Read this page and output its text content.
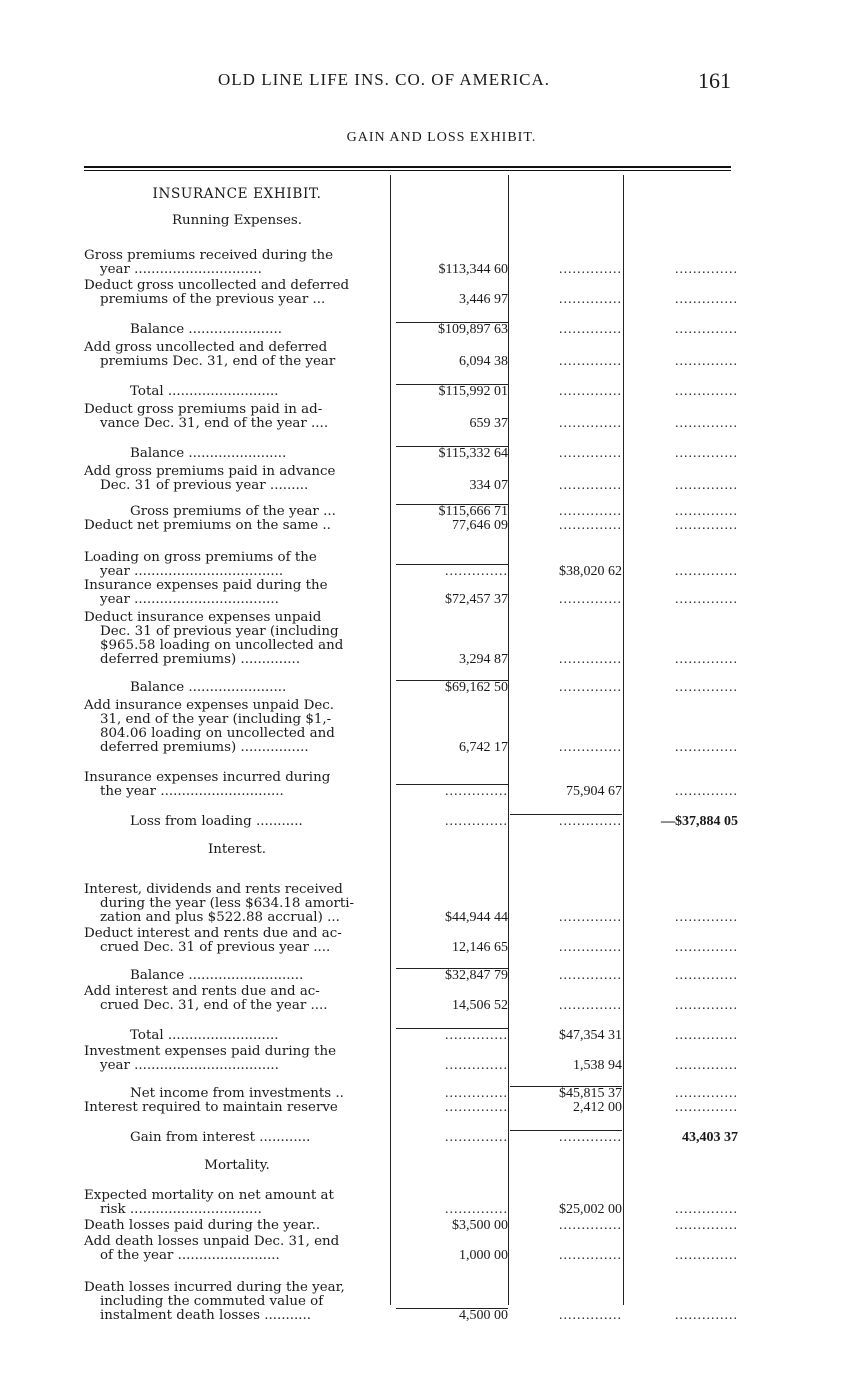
OLD LINE LIFE INS. CO. OF AMERICA.	161
GAIN AND LOSS EXHIBIT.
INSURANCE EXHIBIT.
Running Expenses.
Gross premiums received during the
year ..............................	$113,344 60	..............	..............
Deduct gross uncollected and deferred
premiums of the previous year ...	3,446 97	..............	..............
Balance ......................	$109,897 63	..............	..............
Add gross uncollected and deferred
premiums Dec. 31, end of the year	6,094 38	..............	..............
Total ..........................	$115,992 01	..............	..............
Deduct gross premiums paid in ad-
vance Dec. 31, end of the year ....	659 37	..............	..............
Balance .......................	$115,332 64	..............	..............
Add gross premiums paid in advance
Dec. 31 of previous year .........	334 07	..............	..............
Gross premiums of the year ...	$115,666 71	..............	..............
Deduct net premiums on the same ..	77,646 09	..............	..............
Loading on gross premiums of the
year ...................................	..............	$38,020 62	..............
Insurance expenses paid during the
year ..................................	$72,457 37	..............	..............
Deduct insurance expenses unpaid
Dec. 31 of previous year (including
$965.58 loading on uncollected and
deferred premiums) ..............	3,294 87	..............	..............
Balance .......................	$69,162 50	..............	..............
Add insurance expenses unpaid Dec.
31, end of the year (including $1,-
804.06 loading on uncollected and
deferred premiums) ................	6,742 17	..............	..............
Insurance expenses incurred during
the year .............................	..............	75,904 67	..............
Loss from loading ...........	..............	..............	—$37,884 05
Interest.
Interest, dividends and rents received
during the year (less $634.18 amorti-
zation and plus $522.88 accrual) ...	$44,944 44	..............	..............
Deduct interest and rents due and ac-
crued Dec. 31 of previous year ....	12,146 65	..............	..............
Balance ...........................	$32,847 79	..............	..............
Add interest and rents due and ac-
crued Dec. 31, end of the year ....	14,506 52	..............	..............
Total ..........................	..............	$47,354 31	..............
Investment expenses paid during the
year ..................................	..............	1,538 94	..............
Net income from investments ..	..............	$45,815 37	..............
Interest required to maintain reserve	..............	2,412 00	..............
Gain from interest ............	..............	..............	43,403 37
Mortality.
Expected mortality on net amount at
risk ...............................	..............	$25,002 00	..............
Death losses paid during the year..	$3,500 00	..............	..............
Add death losses unpaid Dec. 31, end
of the year ........................	1,000 00	..............	..............
Death losses incurred during the year,
including the commuted value of
instalment death losses ...........	4,500 00	..............	..............
